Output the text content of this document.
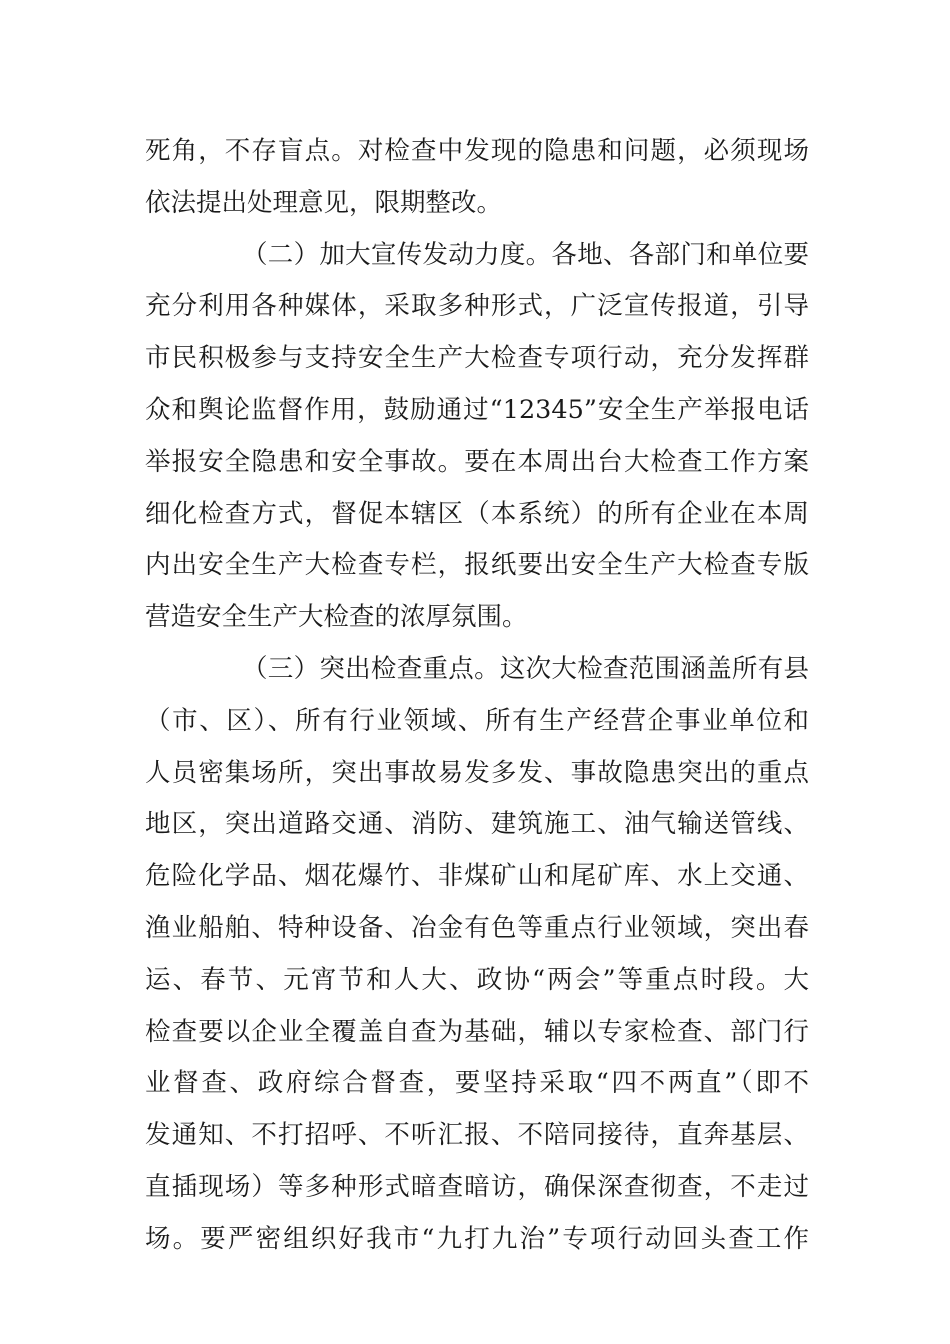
死角，不存盲点。对检查中发现的隐患和问题，必须现场
依法提出处理意见，限期整改。
（二）加大宣传发动力度。各地、各部门和单位要
充分利用各种媒体，采取多种形式，广泛宣传报道，引导
市民积极参与支持安全生产大检查专项行动，充分发挥群
众和舆论监督作用，鼓励通过“12345”安全生产举报电话
举报安全隐患和安全事故。要在本周出台大检查工作方案
细化检查方式，督促本辖区（本系统）的所有企业在本周
内出安全生产大检查专栏，报纸要出安全生产大检查专版
营造安全生产大检查的浓厚氛围。
（三）突出检查重点。这次大检查范围涵盖所有县
（市、区）、所有行业领域、所有生产经营企事业单位和
人员密集场所，突出事故易发多发、事故隐患突出的重点
地区，突出道路交通、消防、建筑施工、油气输送管线、
危险化学品、烟花爆竹、非煤矿山和尾矿库、水上交通、
渔业船舶、特种设备、冶金有色等重点行业领域，突出春
运、春节、元宵节和人大、政协“两会”等重点时段。大
检查要以企业全覆盖自查为基础，辅以专家检查、部门行
业督查、政府综合督查，要坚持采取“四不两直”（即不
发通知、不打招呼、不听汇报、不陪同接待，直奔基层、
直插现场）等多种形式暗查暗访，确保深查彻查，不走过
场。要严密组织好我市“九打九治”专项行动回头查工作
